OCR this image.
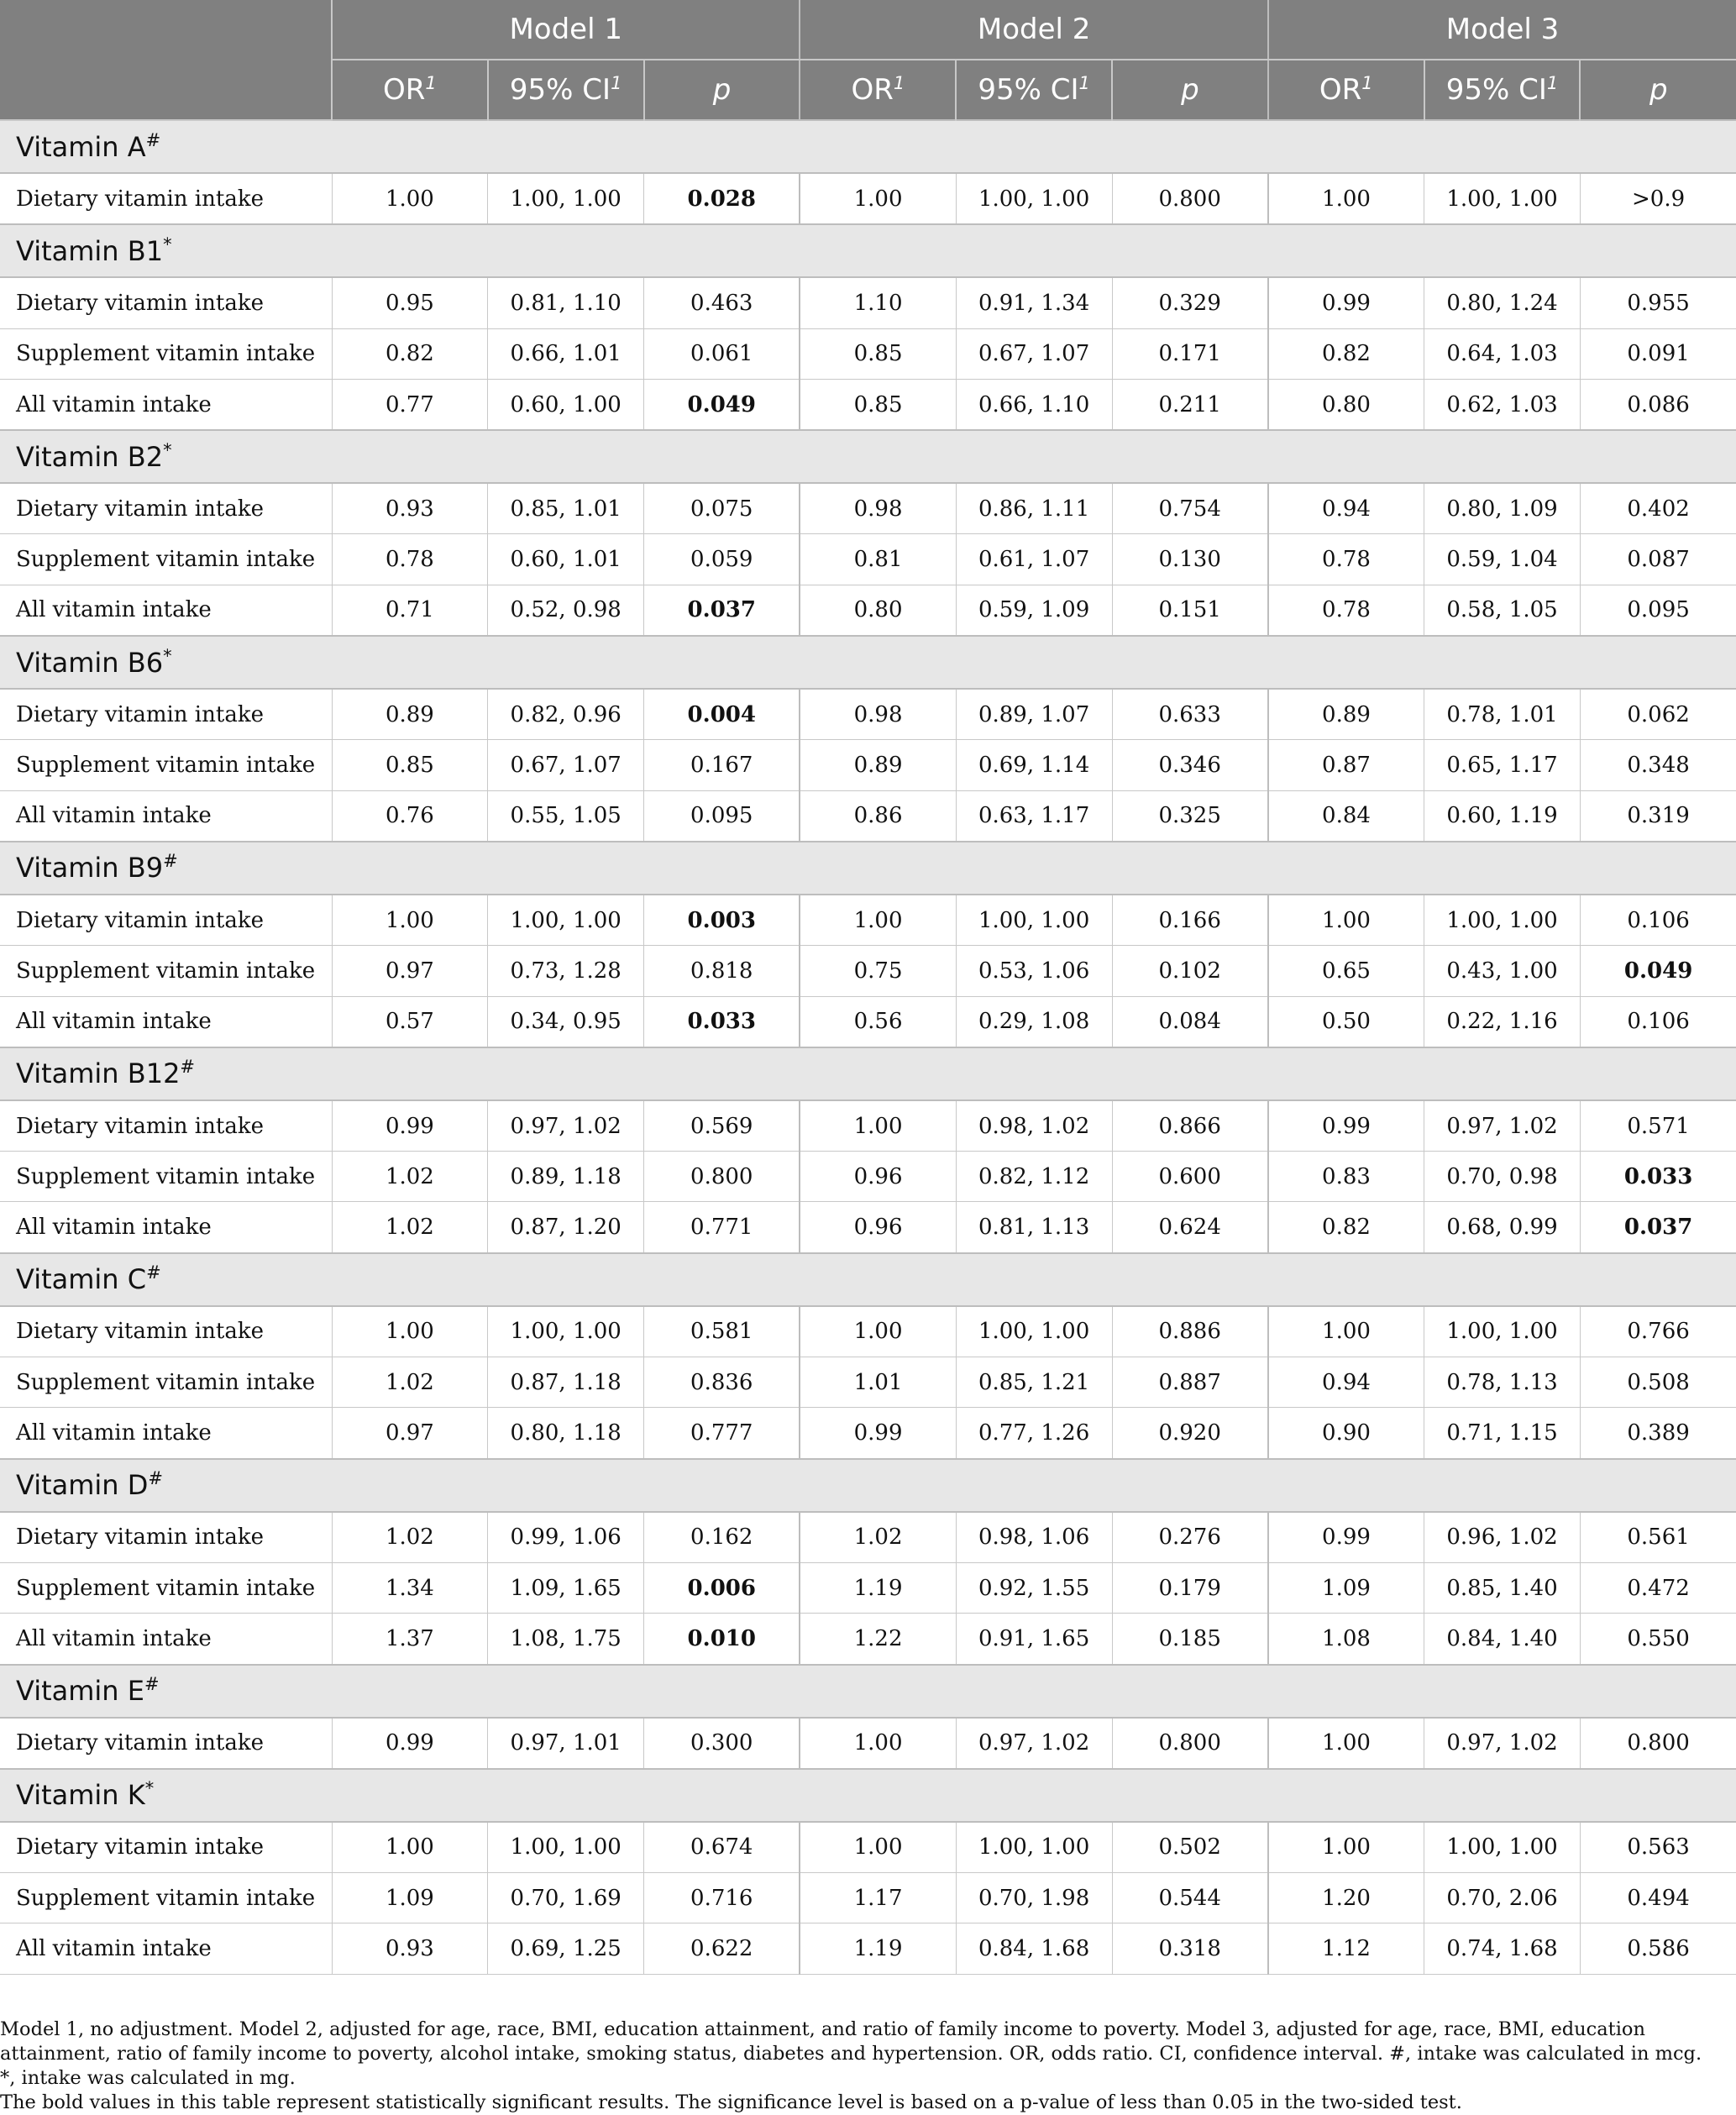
	Model 1			Model 2			Model 3		
	OR$^1$	95% CI$^1$	p	OR$^1$	95% CI$^1$	p	OR$^1$	95% CI$^1$	p
Vitamin A#
Dietary vitamin intake	1.00	1.00, 1.00	0.028	1.00	1.00, 1.00	0.800	1.00	1.00, 1.00	>0.9
Vitamin B1*
Dietary vitamin intake	0.95	0.81, 1.10	0.463	1.10	0.91, 1.34	0.329	0.99	0.80, 1.24	0.955
Supplement vitamin intake	0.82	0.66, 1.01	0.061	0.85	0.67, 1.07	0.171	0.82	0.64, 1.03	0.091
All vitamin intake	0.77	0.60, 1.00	0.049	0.85	0.66, 1.10	0.211	0.80	0.62, 1.03	0.086
Vitamin B2*
Dietary vitamin intake	0.93	0.85, 1.01	0.075	0.98	0.86, 1.11	0.754	0.94	0.80, 1.09	0.402
Supplement vitamin intake	0.78	0.60, 1.01	0.059	0.81	0.61, 1.07	0.130	0.78	0.59, 1.04	0.087
All vitamin intake	0.71	0.52, 0.98	0.037	0.80	0.59, 1.09	0.151	0.78	0.58, 1.05	0.095
Vitamin B6*
Dietary vitamin intake	0.89	0.82, 0.96	0.004	0.98	0.89, 1.07	0.633	0.89	0.78, 1.01	0.062
Supplement vitamin intake	0.85	0.67, 1.07	0.167	0.89	0.69, 1.14	0.346	0.87	0.65, 1.17	0.348
All vitamin intake	0.76	0.55, 1.05	0.095	0.86	0.63, 1.17	0.325	0.84	0.60, 1.19	0.319
Vitamin B9#
Dietary vitamin intake	1.00	1.00, 1.00	0.003	1.00	1.00, 1.00	0.166	1.00	1.00, 1.00	0.106
Supplement vitamin intake	0.97	0.73, 1.28	0.818	0.75	0.53, 1.06	0.102	0.65	0.43, 1.00	0.049
All vitamin intake	0.57	0.34, 0.95	0.033	0.56	0.29, 1.08	0.084	0.50	0.22, 1.16	0.106
Vitamin B12#
Dietary vitamin intake	0.99	0.97, 1.02	0.569	1.00	0.98, 1.02	0.866	0.99	0.97, 1.02	0.571
Supplement vitamin intake	1.02	0.89, 1.18	0.800	0.96	0.82, 1.12	0.600	0.83	0.70, 0.98	0.033
All vitamin intake	1.02	0.87, 1.20	0.771	0.96	0.81, 1.13	0.624	0.82	0.68, 0.99	0.037
Vitamin C#
Dietary vitamin intake	1.00	1.00, 1.00	0.581	1.00	1.00, 1.00	0.886	1.00	1.00, 1.00	0.766
Supplement vitamin intake	1.02	0.87, 1.18	0.836	1.01	0.85, 1.21	0.887	0.94	0.78, 1.13	0.508
All vitamin intake	0.97	0.80, 1.18	0.777	0.99	0.77, 1.26	0.920	0.90	0.71, 1.15	0.389
Vitamin D#
Dietary vitamin intake	1.02	0.99, 1.06	0.162	1.02	0.98, 1.06	0.276	0.99	0.96, 1.02	0.561
Supplement vitamin intake	1.34	1.09, 1.65	0.006	1.19	0.92, 1.55	0.179	1.09	0.85, 1.40	0.472
All vitamin intake	1.37	1.08, 1.75	0.010	1.22	0.91, 1.65	0.185	1.08	0.84, 1.40	0.550
Vitamin E#
Dietary vitamin intake	0.99	0.97, 1.01	0.300	1.00	0.97, 1.02	0.800	1.00	0.97, 1.02	0.800
Vitamin K*
Dietary vitamin intake	1.00	1.00, 1.00	0.674	1.00	1.00, 1.00	0.502	1.00	1.00, 1.00	0.563
Supplement vitamin intake	1.09	0.70, 1.69	0.716	1.17	0.70, 1.98	0.544	1.20	0.70, 2.06	0.494
All vitamin intake	0.93	0.69, 1.25	0.622	1.19	0.84, 1.68	0.318	1.12	0.74, 1.68	0.586

Model 1, no adjustment. Model 2, adjusted for age, race, BMI, education attainment, and ratio of family income to poverty. Model 3, adjusted for age, race, BMI, education attainment, ratio of family income to poverty, alcohol intake, smoking status, diabetes and hypertension. OR, odds ratio. CI, confidence interval. #, intake was calculated in mcg. *, intake was calculated in mg.

The bold values in this table represent statistically significant results. The significance level is based on a p-value of less than 0.05 in the two-sided test.
